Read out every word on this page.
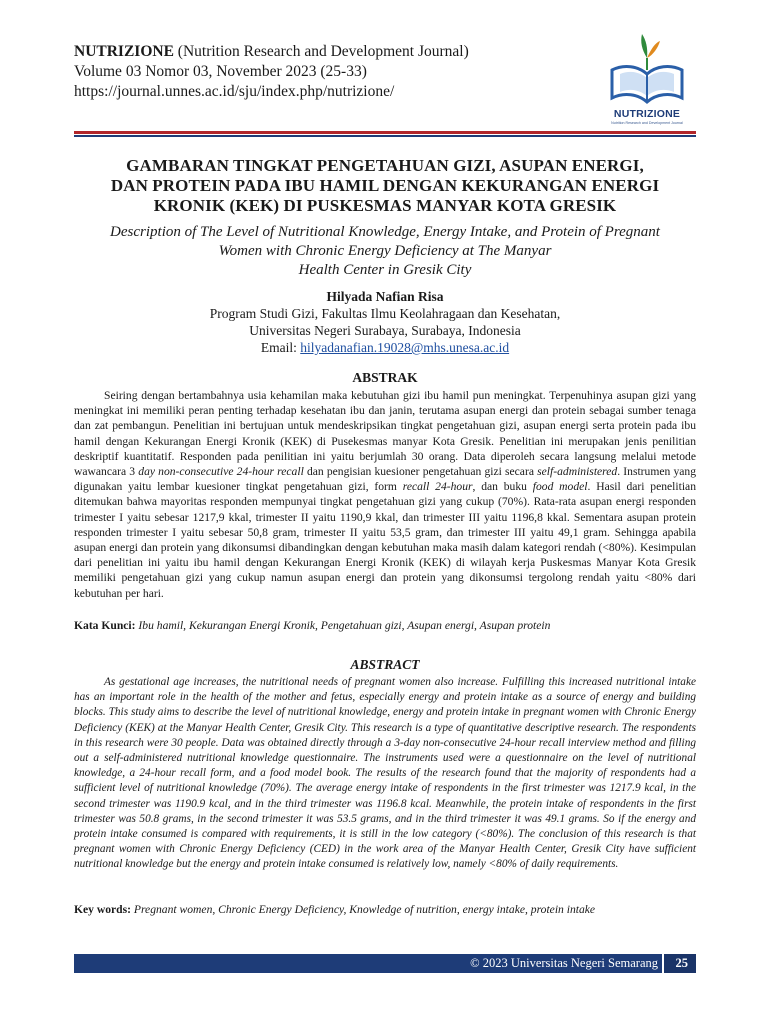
NUTRIZIONE (Nutrition Research and Development Journal)
Volume 03 Nomor 03, November 2023 (25-33)
https://journal.unnes.ac.id/sju/index.php/nutrizione/
NUTRIZIONE
Nutrition Research and Development Journal
GAMBARAN TINGKAT PENGETAHUAN GIZI, ASUPAN ENERGI,
DAN PROTEIN PADA IBU HAMIL DENGAN KEKURANGAN ENERGI
KRONIK (KEK) DI PUSKESMAS MANYAR KOTA GRESIK
Description of The Level of Nutritional Knowledge, Energy Intake, and Protein of Pregnant
Women with Chronic Energy Deficiency at The Manyar
Health Center in Gresik City
Hilyada Nafian Risa
Program Studi Gizi, Fakultas Ilmu Keolahragaan dan Kesehatan,
Universitas Negeri Surabaya, Surabaya, Indonesia
Email: hilyadanafian.19028@mhs.unesa.ac.id
ABSTRAK

Seiring dengan bertambahnya usia kehamilan maka kebutuhan gizi ibu hamil pun meningkat. Terpenuhinya asupan gizi yang meningkat ini memiliki peran penting terhadap kesehatan ibu dan janin, terutama asupan energi dan protein sebagai sumber tenaga dan zat pembangun. Penelitian ini bertujuan untuk mendeskripsikan tingkat pengetahuan gizi, asupan energi serta protein pada ibu hamil dengan Kekurangan Energi Kronik (KEK) di Pusekesmas manyar Kota Gresik. Penelitian ini merupakan jenis penilitian deskriptif kuantitatif. Responden pada penilitian ini yaitu berjumlah 30 orang. Data diperoleh secara langsung melalui metode wawancara 3 day non-consecutive 24-hour recall dan pengisian kuesioner pengetahuan gizi secara self-administered. Instrumen yang digunakan yaitu lembar kuesioner tingkat pengetahuan gizi, form recall 24-hour, dan buku food model. Hasil dari penelitian ditemukan bahwa mayoritas responden mempunyai tingkat pengetahuan gizi yang cukup (70%). Rata-rata asupan energi responden trimester I yaitu sebesar 1217,9 kkal, trimester II yaitu 1190,9 kkal, dan trimester III yaitu 1196,8 kkal. Sementara asupan protein responden trimester I yaitu sebesar 50,8 gram, trimester II yaitu 53,5 gram, dan trimester III yaitu 49,1 gram. Sehingga apabila asupan energi dan protein yang dikonsumsi dibandingkan dengan kebutuhan maka masih dalam kategori rendah (<80%). Kesimpulan dari penelitian ini yaitu ibu hamil dengan Kekurangan Energi Kronik (KEK) di wilayah kerja Puskesmas Manyar Kota Gresik memiliki pengetahuan gizi yang cukup namun asupan energi dan protein yang dikonsumsi tergolong rendah yaitu <80% dari kebutuhan per hari.

Kata Kunci: Ibu hamil, Kekurangan Energi Kronik, Pengetahuan gizi, Asupan energi, Asupan protein
ABSTRACT

As gestational age increases, the nutritional needs of pregnant women also increase. Fulfilling this increased nutritional intake has an important role in the health of the mother and fetus, especially energy and protein intake as a source of energy and building blocks. This study aims to describe the level of nutritional knowledge, energy and protein intake in pregnant women with Chronic Energy Deficiency (KEK) at the Manyar Health Center, Gresik City. This research is a type of quantitative descriptive research. The respondents in this research were 30 people. Data was obtained directly through a 3-day non-consecutive 24-hour recall interview method and filling out a self-administered nutritional knowledge questionnaire. The instruments used were a questionnaire on the level of nutritional knowledge, a 24-hour recall form, and a food model book. The results of the research found that the majority of respondents had a sufficient level of nutritional knowledge (70%). The average energy intake of respondents in the first trimester was 1217.9 kcal, in the second trimester was 1190.9 kcal, and in the third trimester was 1196.8 kcal. Meanwhile, the protein intake of respondents in the first trimester was 50.8 grams, in the second trimester it was 53.5 grams, and in the third trimester it was 49.1 grams. So if the energy and protein intake consumed is compared with requirements, it is still in the low category (<80%). The conclusion of this research is that pregnant women with Chronic Energy Deficiency (CED) in the work area of the Manyar Health Center, Gresik City have sufficient nutritional knowledge but the energy and protein intake consumed is relatively low, namely <80% of daily requirements.

Key words: Pregnant women, Chronic Energy Deficiency, Knowledge of nutrition, energy intake, protein intake
© 2023 Universitas Negeri Semarang 25
